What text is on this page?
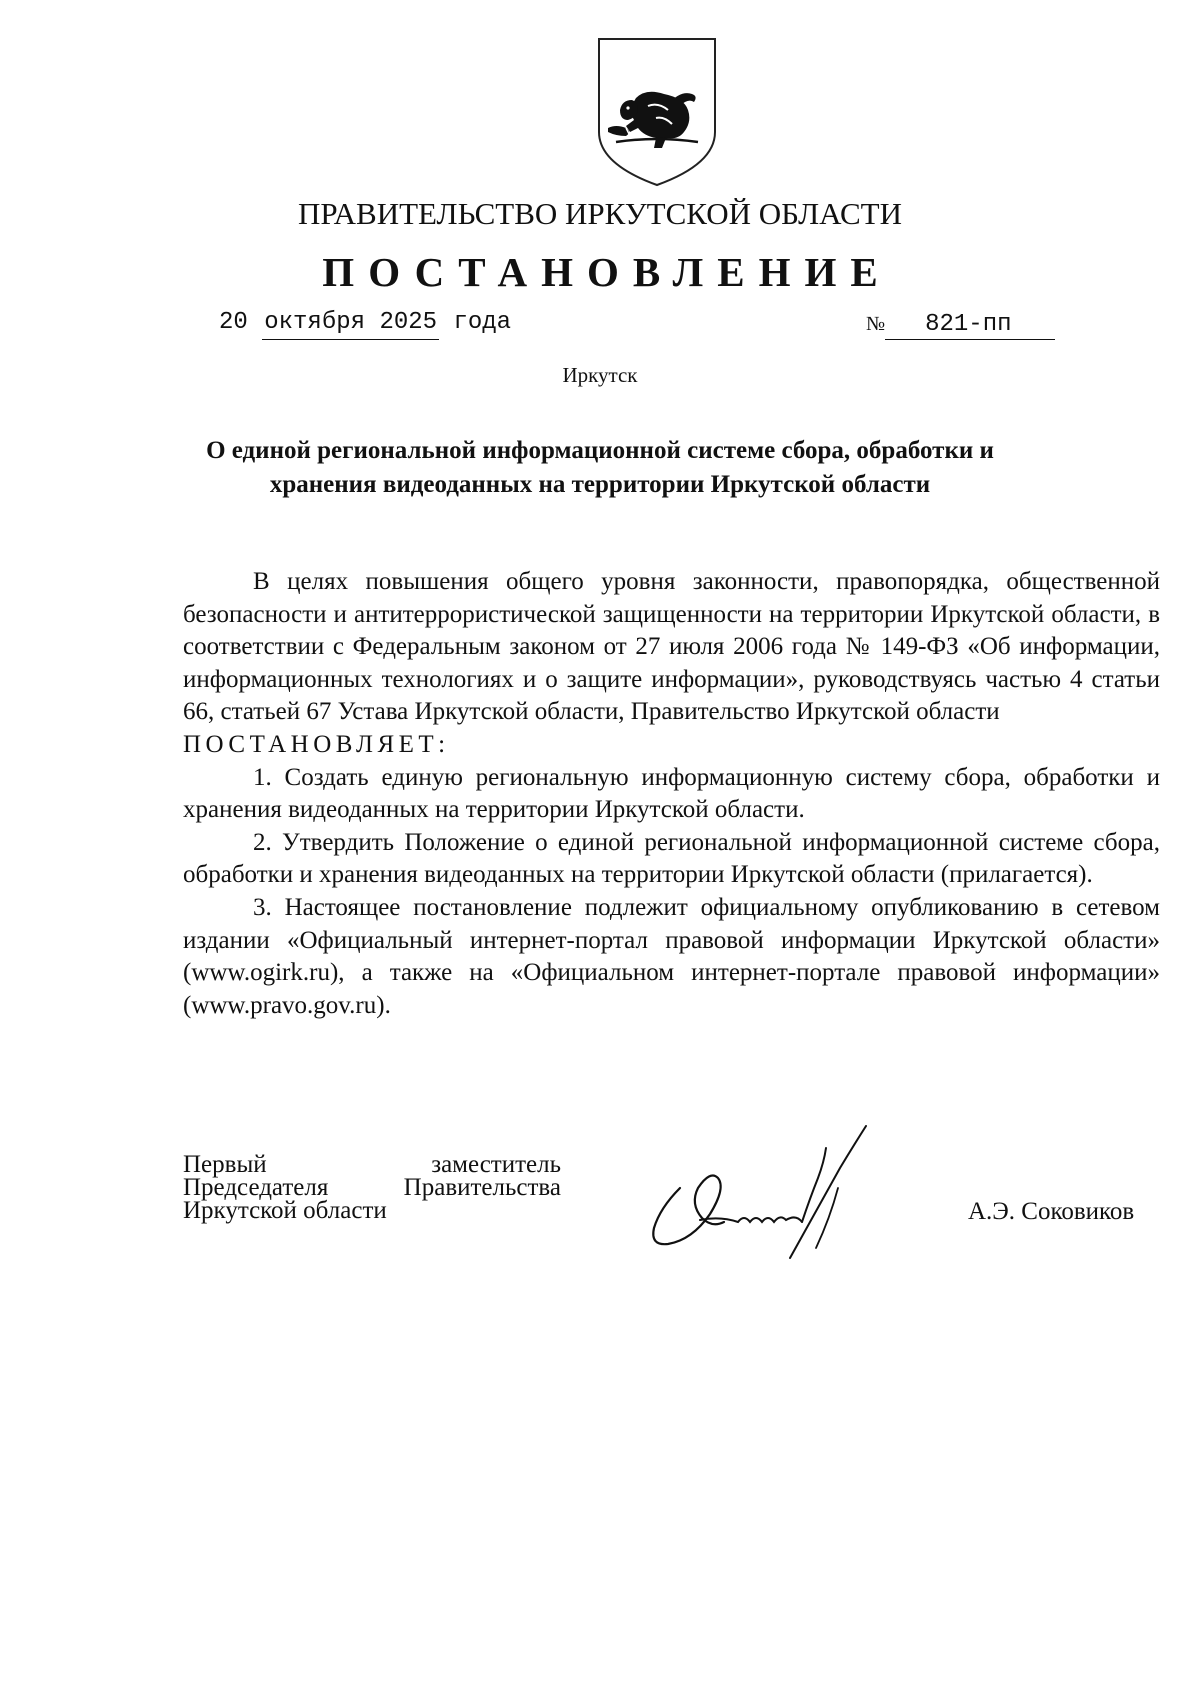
ПРАВИТЕЛЬСТВО ИРКУТСКОЙ ОБЛАСТИ
ПОСТАНОВЛЕНИЕ
20 октября 2025 года	№ 821-пп
Иркутск
О единой региональной информационной системе сбора, обработки и
хранения видеоданных на территории Иркутской области

В целях повышения общего уровня законности, правопорядка, общественной безопасности и антитеррористической защищенности на территории Иркутской области, в соответствии с Федеральным законом от 27 июля 2006 года № 149-ФЗ «Об информации, информационных технологиях и о защите информации», руководствуясь частью 4 статьи 66, статьей 67 Устава Иркутской области, Правительство Иркутской области

ПОСТАНОВЛЯЕТ:

1. Создать единую региональную информационную систему сбора, обработки и хранения видеоданных на территории Иркутской области.

2. Утвердить Положение о единой региональной информационной системе сбора, обработки и хранения видеоданных на территории Иркутской области (прилагается).

3. Настоящее постановление подлежит официальному опубликованию в сетевом издании «Официальный интернет-портал правовой информации Иркутской области» (www.ogirk.ru), а также на «Официальном интернет-портале правовой информации» (www.pravo.gov.ru).

Первый	заместитель
Председателя	Правительства
Иркутской области	А.Э. Соковиков
